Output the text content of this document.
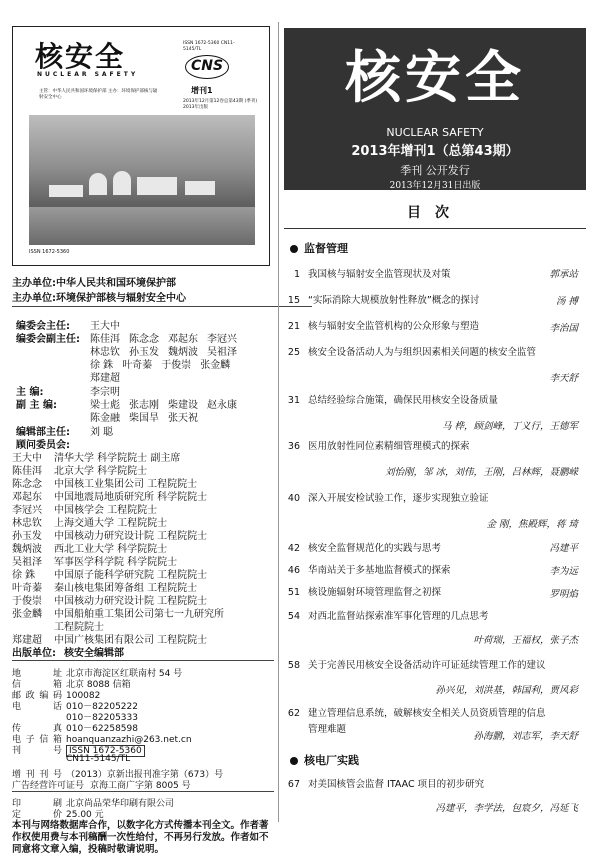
核安全
NUCLEAR SAFETY
ISSN 1672-5360 CN11-5145/TL
CNS
增刊1
主管：中华人民共和国环境保护部 主办：环境保护部核与辐射安全中心
2013年12月第12卷总第43期 (季刊) 2013年出版
ISSN 1672-5360
主办单位:中华人民共和国环境保护部
主办单位:环境保护部核与辐射安全中心
编委会主任: 王大中
编委会副主任: 陈佳洱 陈念念 邓起东 李冠兴
林忠钦 孙玉发 魏炳波 吴祖泽
徐 銖 叶奇蓁 于俊崇 张金麟
郑建超
主 编:	李宗明
副 主 编:	梁士彪 张志刚 柴建设 赵永康
陈金融 柴国旱 张天祝
编辑部主任: 刘 聪
顾问委员会:
王大中 清华大学 科学院院士 副主席
陈佳洱 北京大学 科学院院士
陈念念 中国核工业集团公司 工程院院士
邓起东 中国地震局地质研究所 科学院院士
李冠兴 中国核学会 工程院院士
林忠钦 上海交通大学 工程院院士
孙玉发 中国核动力研究设计院 工程院院士
魏炳波 西北工业大学 科学院院士
吴祖泽 军事医学科学院 科学院院士
徐 銖 中国原子能科学研究院 工程院院士
叶奇蓁 秦山核电集团筹备组 工程院院士
于俊崇 中国核动力研究设计院 工程院院士
张金麟 中国船舶重工集团公司第七一九研究所
工程院院士
郑建超 中国广核集团有限公司 工程院院士
出版单位: 核安全编辑部
地 址 北京市海淀区红联南村 54 号
信 箱 北京 8088 信箱
邮政编码 100082
电 话 010－82205222
010－82205333
传 真 010－62258598
电子信箱 hoanquanzazhi@263.net.cn
刊 号 ISSN 1672-5360
CN11-5145/TL
增刊刊号 （2013）京新出报刊准字第（673）号
广告经营许可证号 京海工商广字第 8005 号
印 刷 北京尚品荣华印刷有限公司
定 价 25.00 元
本刊与网络数据库合作，以数字化方式传播本刊全文。作者著作权使用费与本刊稿酬一次性给付，不再另行发放。作者如不同意将文章入编，投稿时敬请说明。
核安全
NUCLEAR SAFETY
2013年增刊1（总第43期）
季刊 公开发行
2013年12月31日出版
目次
监督管理
1 我国核与辐射安全监管现状及对策	郭承站
15 “实际消除大规模放射性释放”概念的探讨	汤 搏
21 核与辐射安全监管机构的公众形象与塑造	李治国
25 核安全设备活动人为与组织因素相关问题的核安全监管
李天舒
31 总结经验综合施策，确保民用核安全设备质量
马 桦，顾剑峰，丁义行，王德军
36 医用放射性同位素精细管理模式的探索
刘怡刚，邹 冰，刘伟，王刚，吕林辉，聂鹏嵘
40 深入开展安检试验工作，逐步实现独立验证
金 刚，焦殿辉，蒋 琦
42 核安全监督规范化的实践与思考	冯建平
46 华南站关于多基地监督模式的探索	李为远
51 核设施辐射环境管理监督之初探	罗明焰
54 对西北监督站探索准军事化管理的几点思考
叶荷瑞，王福权，张子杰
58 关于完善民用核安全设备活动许可证延续管理工作的建议
孙兴见，刘洪基，韩国利，贾风彩
62 建立管理信息系统，破解核安全相关人员资质管理的信息管理难题
孙海鹏，刘志军，李天舒
核电厂实践
67 对美国核管会监督 ITAAC 项目的初步研究
冯建平，李学法，包宸夕，冯延飞
